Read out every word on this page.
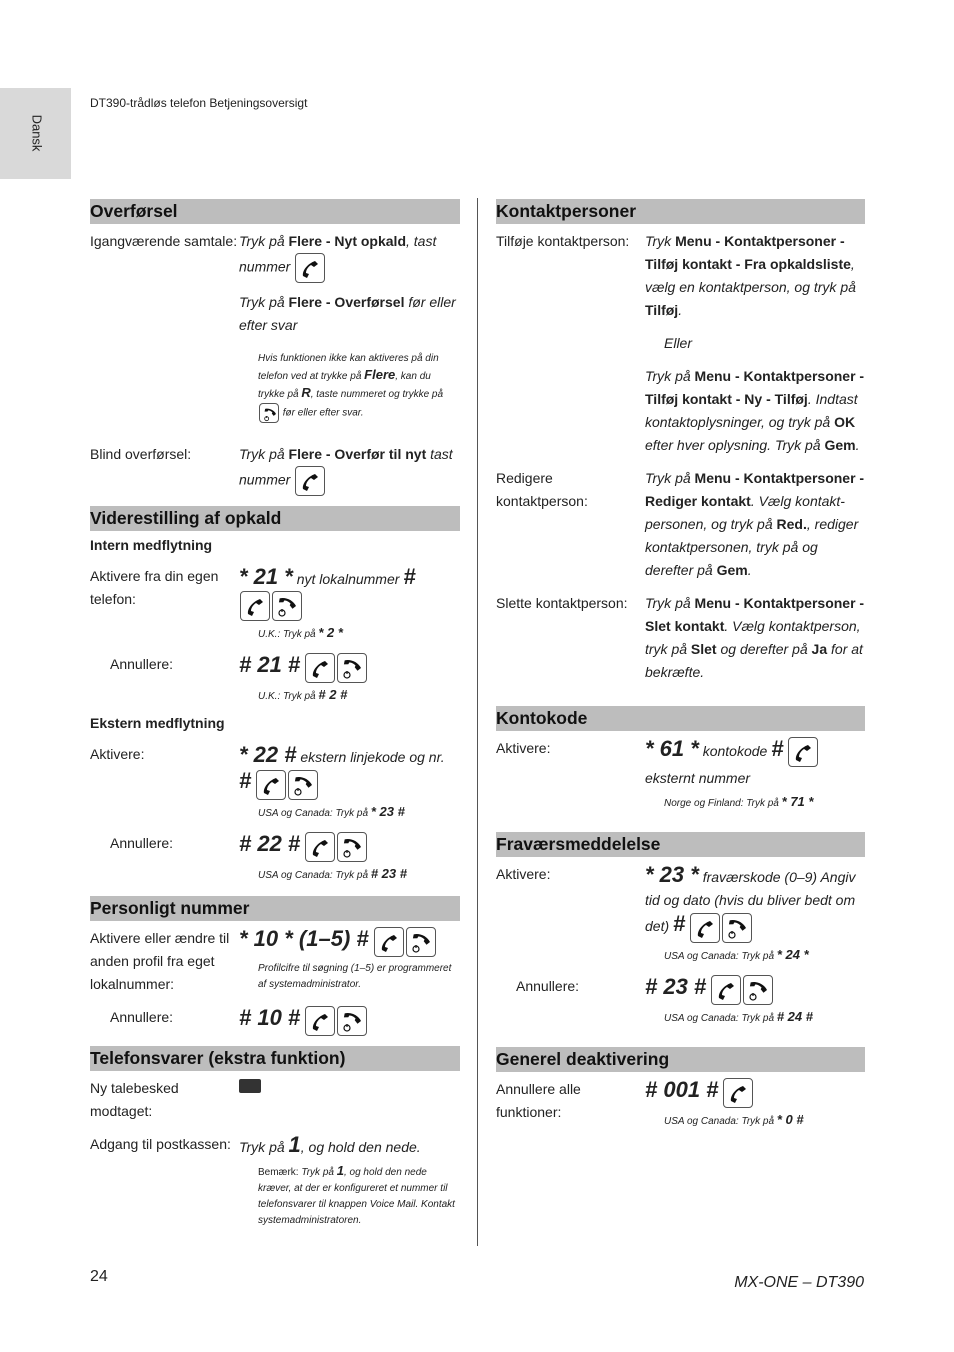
Dansk
DT390-trådløs telefon Betjeningsoversigt
Overførsel
Igangværende samtale: Tryk på Flere - Nyt opkald, tast nummer
Tryk på Flere - Overførsel før eller efter svar
Hvis funktionen ikke kan aktiveres på din telefon ved at trykke på Flere, kan du trykke på R, taste nummeret og trykke på
før eller efter svar.
Blind overførsel:	Tryk på Flere - Overfør til nyt tast nummer
Viderestilling af opkald
Intern medflytning
Aktivere fra din egen telefon:
* 21 * nyt lokalnummer #

U.K.: Tryk på * 2 *
Annullere:	# 21 #
U.K.: Tryk på # 2 #
Ekstern medflytning
Aktivere:	* 22 # ekstern linjekode og nr. #
USA og Canada: Tryk på * 23 #
Annullere:	# 22 #
USA og Canada: Tryk på # 23 #
Personligt nummer
Aktivere eller ændre til anden profil fra eget lokalnummer:
* 10 * (1–5) #
Profilcifre til søgning (1–5) er programmeret af systemadministrator.
Annullere:	# 10 #
Telefonsvarer (ekstra funktion)
Ny talebesked modtaget:
Adgang til postkassen: Tryk på 1, og hold den nede.
Bemærk: Tryk på 1, og hold den nede kræver, at der er konfigureret et nummer til telefonsvarer til knappen Voice Mail. Kontakt systemadministratoren.
Kontaktpersoner
Tilføje kontaktperson:	Tryk Menu - Kontaktpersoner - Tilføj kontakt - Fra opkaldsliste, vælg en kontaktperson, og tryk på Tilføj.
Eller
Tryk på Menu - Kontaktpersoner - Tilføj kontakt - Ny - Tilføj. Indtast kontaktoplysninger, og tryk på OK efter hver oplysning. Tryk på Gem.
Redigere kontaktperson:
Tryk på Menu - Kontaktpersoner - Rediger kontakt. Vælg kontakt-personen, og tryk på Red., rediger kontaktpersonen, tryk på og derefter på Gem.
Slette kontaktperson:	Tryk på Menu - Kontaktpersoner - Slet kontakt. Vælg kontaktperson, tryk på Slet og derefter på Ja for at bekræfte.
Kontokode
Aktivere:	* 61 * kontokode #

eksternt nummer
Norge og Finland: Tryk på * 71 *
Fraværsmeddelelse
Aktivere:	* 23 * fraværskode (0–9) Angiv tid og dato (hvis du bliver bedt om det) #
USA og Canada: Tryk på * 24 *
Annullere:	# 23 #
USA og Canada: Tryk på # 24 #
Generel deaktivering
Annullere alle funktioner:
# 001 #
USA og Canada: Tryk på * 0 #
24	MX-ONE – DT390
